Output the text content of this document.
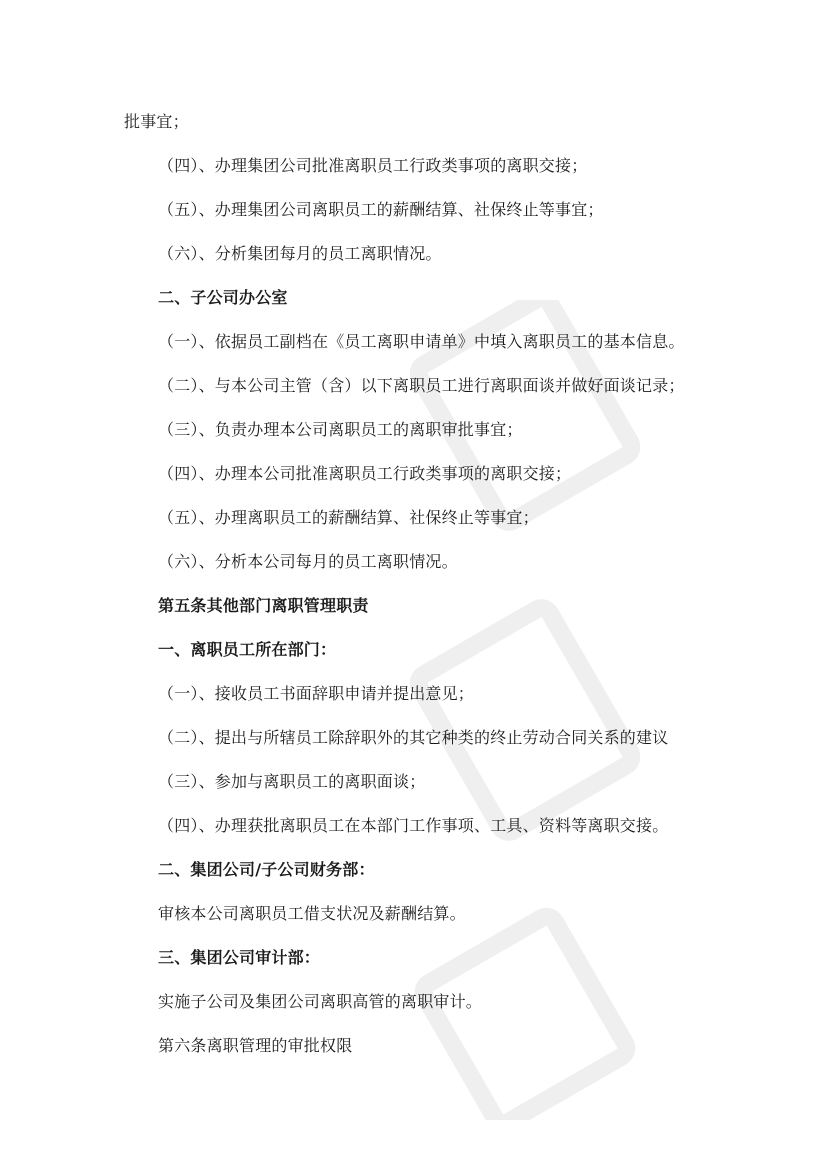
批事宜；
（四）、办理集团公司批准离职员工行政类事项的离职交接；
（五）、办理集团公司离职员工的薪酬结算、社保终止等事宜；
（六）、分析集团每月的员工离职情况。
二、子公司办公室
（一）、依据员工副档在《员工离职申请单》中填入离职员工的基本信息。
（二）、与本公司主管（含）以下离职员工进行离职面谈并做好面谈记录；
（三）、负责办理本公司离职员工的离职审批事宜；
（四）、办理本公司批准离职员工行政类事项的离职交接；
（五）、办理离职员工的薪酬结算、社保终止等事宜；
（六）、分析本公司每月的员工离职情况。
第五条其他部门离职管理职责
一、离职员工所在部门：
（一）、接收员工书面辞职申请并提出意见；
（二）、提出与所辖员工除辞职外的其它种类的终止劳动合同关系的建议
（三）、参加与离职员工的离职面谈；
（四）、办理获批离职员工在本部门工作事项、工具、资料等离职交接。
二、集团公司/子公司财务部：
审核本公司离职员工借支状况及薪酬结算。
三、集团公司审计部：
实施子公司及集团公司离职高管的离职审计。
第六条离职管理的审批权限
